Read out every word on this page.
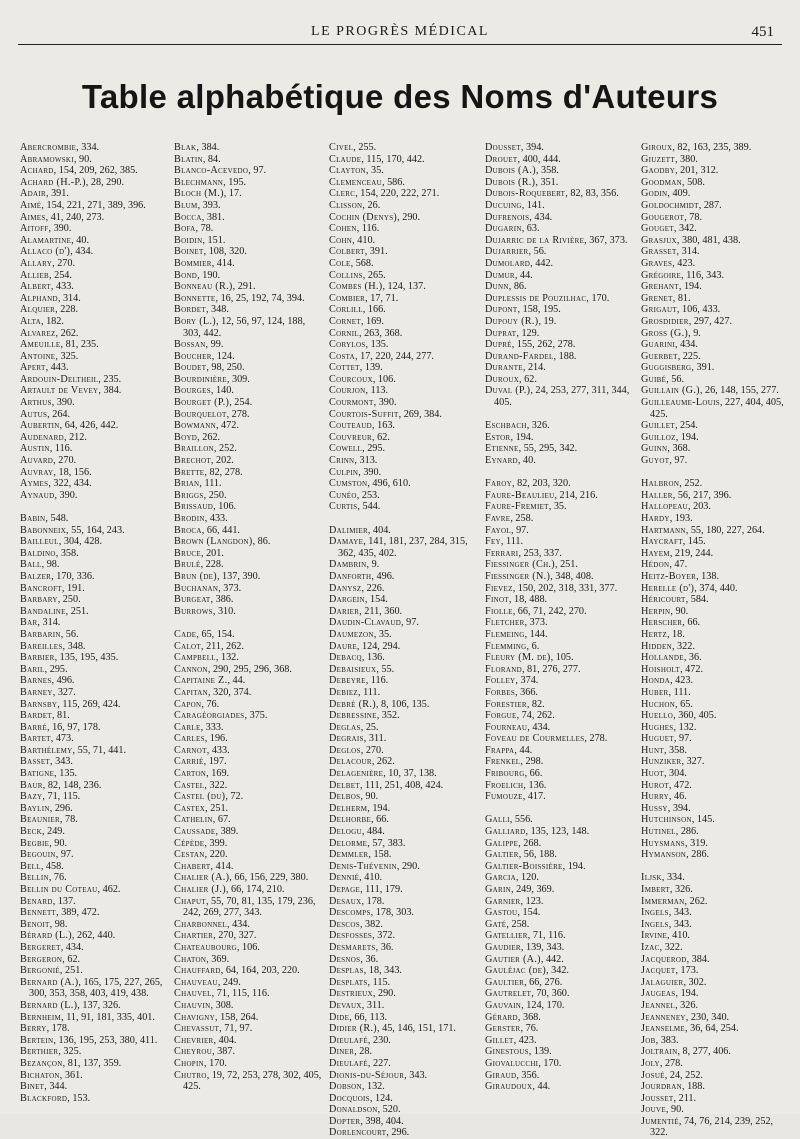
LE PROGRÈS MÉDICAL	451
Table alphabétique des Noms d'Auteurs

Abercrombie, 334.

Abramowski, 90.

Achard, 154, 209, 262, 385.

Achard (H.-P.), 28, 290.

Adair, 391.

Aimé, 154, 221, 271, 389, 396.

Aimes, 41, 240, 273.

Aitoff, 390.

Alamartine, 40.

Allaco (d'), 434.

Allary, 270.

Allieb, 254.

Albert, 433.

Alphand, 314.

Alquier, 228.

Alta, 182.

Alvarez, 262.

Ameuille, 81, 235.

Antoine, 325.

Apert, 443.

Ardouin-Deltheil, 235.

Artault de Vevey, 384.

Arthus, 390.

Autus, 264.

Aubertin, 64, 426, 442.

Audenard, 212.

Austin, 116.

Auvard, 270.

Auvray, 18, 156.

Aymes, 322, 434.

Aynaud, 390.

Babin, 548.

Babonneix, 55, 164, 243.

Bailleul, 304, 428.

Baldino, 358.

Ball, 98.

Balzer, 170, 336.

Bancroft, 191.

Barbary, 250.

Bandaline, 251.

Bar, 314.

Barbarin, 56.

Bareilles, 348.

Barbier, 135, 195, 435.

Baril, 295.

Barnes, 496.

Barney, 327.

Barnsby, 115, 269, 424.

Bardet, 81.

Barré, 16, 97, 178.

Bartet, 473.

Barthélemy, 55, 71, 441.

Basset, 343.

Batigne, 135.

Baur, 82, 148, 236.

Bazy, 71, 115.

Baylin, 296.

Beaunier, 78.

Beck, 249.

Begbie, 90.

Begouin, 97.

Bell, 458.

Bellin, 76.

Bellin du Coteau, 462.

Benard, 137.

Bennett, 389, 472.

Benoit, 98.

Bérard (L.), 262, 440.

Bergeret, 434.

Bergeron, 62.

Bergonié, 251.

Bernard (A.), 165, 175, 227, 265, 300, 353, 358, 403, 419, 438.

Bernard (L.), 137, 326.

Bernheim, 11, 91, 181, 335, 401.

Berry, 178.

Bertein, 136, 195, 253, 380, 411.

Berthier, 325.

Bezançon, 81, 137, 359.

Bichaton, 361.

Binet, 344.

Blackford, 153.

Blak, 384.

Blatin, 84.

Blanco-Acevedo, 97.

Blechmann, 195.

Bloch (M.), 17.

Blum, 393.

Bocca, 381.

Bofa, 78.

Boidin, 151.

Boinet, 108, 320.

Bommier, 414.

Bond, 190.

Bonneau (R.), 291.

Bonnette, 16, 25, 192, 74, 394.

Bordet, 348.

Bory (L.), 12, 56, 97, 124, 188, 303, 442.

Bossan, 99.

Boucher, 124.

Boudet, 98, 250.

Bourdinière, 309.

Bourges, 140.

Bourget (P.), 254.

Bourquelot, 278.

Bowmann, 472.

Boyd, 262.

Braillon, 252.

Brechot, 202.

Brette, 82, 278.

Brian, 111.

Briggs, 250.

Brissaud, 106.

Brodin, 433.

Broca, 66, 441.

Brown (Langdon), 86.

Bruce, 201.

Brulé, 228.

Brun (de), 137, 390.

Buchanan, 373.

Burgeat, 386.

Burrows, 310.

Cade, 65, 154.

Calot, 211, 262.

Campbell, 132.

Cannon, 290, 295, 296, 368.

Capitaine Z., 44.

Capitan, 320, 374.

Capon, 76.

Caragéorgiades, 375.

Carle, 333.

Carles, 196.

Carnot, 433.

Carrié, 197.

Carton, 169.

Castel, 322.

Castel (du), 72.

Castex, 251.

Cathelin, 67.

Caussade, 389.

Cépède, 399.

Cestan, 220.

Chabert, 414.

Chalier (A.), 66, 156, 229, 380.

Chalier (J.), 66, 174, 210.

Chaput, 55, 70, 81, 135, 179, 236, 242, 269, 277, 343.

Charbonnel, 434.

Chartier, 270, 327.

Chateaubourg, 106.

Chaton, 369.

Chauffard, 64, 164, 203, 220.

Chauveau, 249.

Chauvel, 71, 115, 116.

Chauvin, 308.

Chavigny, 158, 264.

Chevassut, 71, 97.

Chevrier, 404.

Cheyrou, 387.

Chopin, 170.

Chutro, 19, 72, 253, 278, 302, 405, 425.

Civel, 255.

Claude, 115, 170, 442.

Clayton, 35.

Clemenceau, 586.

Clerc, 154, 220, 222, 271.

Clisson, 26.

Cochin (Denys), 290.

Cohen, 116.

Cohn, 410.

Colbert, 391.

Cole, 568.

Collins, 265.

Combes (H.), 124, 137.

Combier, 17, 71.

Corlill, 166.

Cornet, 169.

Cornil, 263, 368.

Corylos, 135.

Costa, 17, 220, 244, 277.

Cottet, 139.

Courcoux, 106.

Courjon, 113.

Courmont, 390.

Courtois-Suffit, 269, 384.

Couteaud, 163.

Couvreur, 62.

Cowell, 295.

Crinn, 313.

Culpin, 390.

Cumston, 496, 610.

Cunéo, 253.

Curtis, 544.

Dalimier, 404.

Damaye, 141, 181, 237, 284, 315, 362, 435, 402.

Dambrin, 9.

Danforth, 496.

Danysz, 226.

Dargein, 154.

Darier, 211, 360.

Daudin-Clavaud, 97.

Daumezon, 35.

Daure, 124, 294.

Debacq, 136.

Debaisieux, 55.

Debeyre, 116.

Debiez, 111.

Debré (R.), 8, 106, 135.

Debressine, 352.

Deglas, 25.

Degrais, 311.

Deglos, 270.

Delacour, 262.

Delagenière, 10, 37, 138.

Delbet, 111, 251, 408, 424.

Delbos, 90.

Delherm, 194.

Delhorbe, 66.

Delogu, 484.

Delorme, 57, 383.

Demmler, 158.

Denis-Thévenin, 290.

Dennié, 410.

Depage, 111, 179.

Desaux, 178.

Descomps, 178, 303.

Descos, 382.

Desfosses, 372.

Desmarets, 36.

Desnos, 36.

Desplas, 18, 343.

Desplats, 115.

Destrieux, 290.

Devaux, 311.

Dide, 66, 113.

Didier (R.), 45, 146, 151, 171.

Dieulafé, 230.

Diner, 28.

Dieulafé, 227.

Dionis-du-Séjour, 343.

Dobson, 132.

Docquois, 124.

Donaldson, 520.

Dopter, 398, 404.

Dorlencourt, 296.

Dousset, 394.

Drouet, 400, 444.

Dubois (A.), 358.

Dubois (R.), 351.

Dubois-Roquebert, 82, 83, 356.

Ducuing, 141.

Dufrenois, 434.

Dugarin, 63.

Dujarric de la Rivière, 367, 373.

Dujarrier, 56.

Dumolard, 442.

Dumur, 44.

Dunn, 86.

Duplessis de Pouzilhac, 170.

Dupont, 158, 195.

Dupouy (R.), 19.

Duprat, 129.

Dupré, 155, 262, 278.

Durand-Fardel, 188.

Durante, 214.

Duroux, 62.

Duval (P.), 24, 253, 277, 311, 344, 405.

Eschbach, 326.

Estor, 194.

Etienne, 55, 295, 342.

Eynard, 40.

Faroy, 82, 203, 320.

Faure-Beaulieu, 214, 216.

Faure-Fremiet, 35.

Favre, 258.

Fayol, 97.

Fey, 111.

Ferrari, 253, 337.

Fiessinger (Ch.), 251.

Fiessinger (N.), 348, 408.

Fievez, 150, 202, 318, 331, 377.

Finot, 18, 488.

Fiolle, 66, 71, 242, 270.

Fletcher, 373.

Flemeing, 144.

Flemming, 6.

Fleury (M. de), 105.

Florand, 81, 276, 277.

Folley, 374.

Forbes, 366.

Forestier, 82.

Forgue, 74, 262.

Fourneau, 434.

Foveau de Courmelles, 278.

Frappa, 44.

Frenkel, 298.

Fribourg, 66.

Froelich, 136.

Fumouze, 417.

Galli, 556.

Galliard, 135, 123, 148.

Galippe, 268.

Galtier, 56, 188.

Galtier-Boissière, 194.

Garcia, 120.

Garin, 249, 369.

Garnier, 123.

Gastou, 154.

Gaté, 258.

Gatellier, 71, 116.

Gaudier, 139, 343.

Gautier (A.), 442.

Gauléjac (de), 342.

Gaultier, 66, 276.

Gautrelet, 70, 360.

Gauvain, 124, 170.

Gérard, 368.

Gerster, 76.

Gillet, 423.

Ginestous, 139.

Giovalucchi, 170.

Giraud, 356.

Giraudoux, 44.

Giroux, 82, 163, 235, 389.

Giuzett, 380.

Gaodby, 201, 312.

Goodman, 508.

Godin, 409.

Goldochmidt, 287.

Gougerot, 78.

Gouget, 342.

Grasjux, 380, 481, 438.

Grasset, 314.

Graves, 423.

Grégoire, 116, 343.

Grehant, 194.

Grenet, 81.

Grigaut, 106, 433.

Grosdidier, 297, 427.

Gross (G.), 9.

Guarini, 434.

Guerbet, 225.

Guggisberg, 391.

Guibé, 56.

Guillain (G.), 26, 148, 155, 277.

Guilleaume-Louis, 227, 404, 405, 425.

Guillet, 254.

Guilloz, 194.

Guinn, 368.

Guyot, 97.

Halbron, 252.

Haller, 56, 217, 396.

Hallopeau, 203.

Hardy, 193.

Hartmann, 55, 180, 227, 264.

Haycraft, 145.

Hayem, 219, 244.

Hédon, 47.

Heitz-Boyer, 138.

Herelle (d'), 374, 440.

Héricourt, 584.

Herpin, 90.

Herscher, 66.

Hertz, 18.

Hidden, 322.

Hollande, 36.

Hoisholt, 472.

Honda, 423.

Huber, 111.

Huchon, 65.

Huello, 360, 405.

Hughes, 132.

Huguet, 97.

Hunt, 358.

Hunziker, 327.

Huot, 304.

Hurot, 472.

Hurry, 46.

Hussy, 394.

Hutchinson, 145.

Hutinel, 286.

Huysmans, 319.

Hymanson, 286.

Iljsk, 334.

Imbert, 326.

Immerman, 262.

Ingels, 343.

Ingels, 343.

Irvine, 410.

Izac, 322.

Jacquerod, 384.

Jacquet, 173.

Jalaguier, 302.

Jaugeas, 194.

Jeannel, 326.

Jeanneney, 230, 340.

Jeanselme, 36, 64, 254.

Job, 383.

Joltrain, 8, 277, 406.

Joly, 278.

Josué, 24, 252.

Jourdran, 188.

Jousset, 211.

Jouve, 90.

Jumentié, 74, 76, 214, 239, 252, 322.
